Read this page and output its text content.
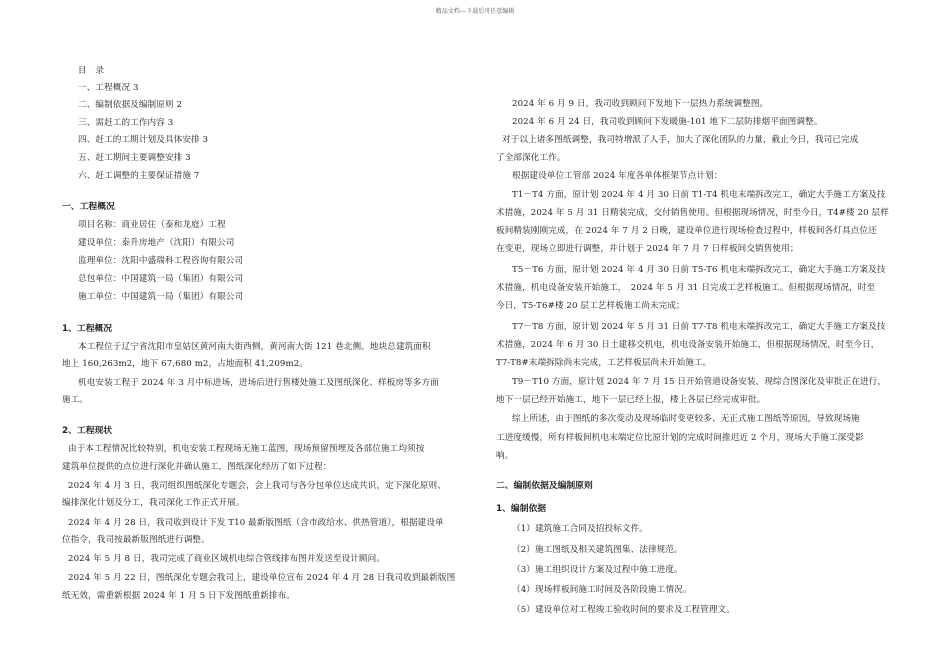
精品文档---下载后可任意编辑
目　录
一、工程概况 3
二、编制依据及编制原则 2
三、需赶工的工作内容 3
四、赶工的工期计划及具体安排 3
五、赶工期间主要调整安排 3
六、赶工调整的主要保证措施 7
一、工程概况
项目名称：商业居住（泰和龙庭）工程
建设单位：泰升房地产（沈阳）有限公司
监理单位：沈阳中盛瑞科工程咨询有限公司
总包单位：中国建筑一局（集团）有限公司
施工单位：中国建筑一局（集团）有限公司
1、工程概况
本工程位于辽宁省沈阳市皇姑区黄河南大街西侧，黄河南大街 121 巷北侧。地块总建筑面积
地上 160,263m2，地下 67,680 m2，占地面积 41,209m2。
机电安装工程于 2024 年 3 月中标进场，进场后进行售楼处施工及图纸深化、样板房等多方面
施工。
2、工程现状
由于本工程情况比较特别，机电安装工程现场无施工蓝图，现场预留预埋及各部位施工均须按
建筑单位提供的点位进行深化并确认施工，图纸深化经历了如下过程：
2024 年 4 月 3 日，我司组织图纸深化专题会，会上我司与各分包单位达成共识，定下深化原则、
编排深化计划及分工，我司深化工作正式开展。
2024 年 4 月 28 日，我司收到设计下发 T10 最新版图纸（含市政给水、供热管道），根据建设单
位指令，我司按最新版图纸进行调整。
2024 年 5 月 8 日，我司完成了商业区域机电综合管线排布图并发送至设计顾问。
2024 年 5 月 22 日，图纸深化专题会我司上，建设单位宣布 2024 年 4 月 28 日我司收到最新版图
纸无效，需重新根据 2024 年 1 月 5 日下发图纸重新排布。
2024 年 6 月 9 日，我司收到顾问下发地下一层热力系统调整图。
2024 年 6 月 24 日，我司收到顾问下发暖施-101 地下二层防排烟平面图调整。
对于以上诸多图纸调整，我司特增派了人手，加大了深化团队的力量，截止今日，我司已完成
了全部深化工作。
根据建设单位工管部 2024 年度各单体框架节点计划：
T1－T4 方面，原计划 2024 年 4 月 30 日前 T1-T4 机电末端拆改完工，确定大手施工方案及技
术措施，2024 年 5 月 31 日精装完成，交付销售使用。但根据现场情况，时至今日，T4#楼 20 层样
板间精装刚刚完成，在 2024 年 7 月 2 日晚，建设单位进行现场检查过程中，样板间各灯具点位还
在变更，现场立即进行调整，并计划于 2024 年 7 月 7 日样板间交销售使用；
T5－T6 方面，原计划 2024 年 4 月 30 日前 T5-T6 机电末端拆改完工，确定大手施工方案及技
术措施，机电设备安装开始施工，　2024 年 5 月 31 日完成工艺样板施工。但根据现场情况，时至
今日，T5-T6#楼 20 层工艺样板施工尚未完成；
T7－T8 方面，原计划 2024 年 5 月 31 日前 T7-T8 机电末端拆改完工，确定大手施工方案及技
术措施，2024 年 6 月 30 日土建移交机电，机电设备安装开始施工，但根据现场情况，时至今日，
T7-T8#末端拆除尚未完成，工艺样板层尚未开始施工。
T9－T10 方面，原计划 2024 年 7 月 15 日开始管道设备安装，现综合图深化及审批正在进行，
地下一层已经开始施工，地下一层已经上报，楼上各层已经完成审批。
综上所述，由于图纸的多次变动及现场临时变更较多、无正式施工图纸等原因，导致现场施
工进度缓慢，所有样板间机电末端定位比原计划的完成时间推迟近 2 个月，现场大手施工深受影
响。
二、编制依据及编制原则
1、编制依据
（1）建筑施工合同及招投标文件。
（2）施工图纸及相关建筑图集、法律规范。
（3）施工组织设计方案及过程中施工进度。
（4）现场样板间施工时间及各阶段施工情况。
（5）建设单位对工程竣工验收时间的要求及工程管理文。
